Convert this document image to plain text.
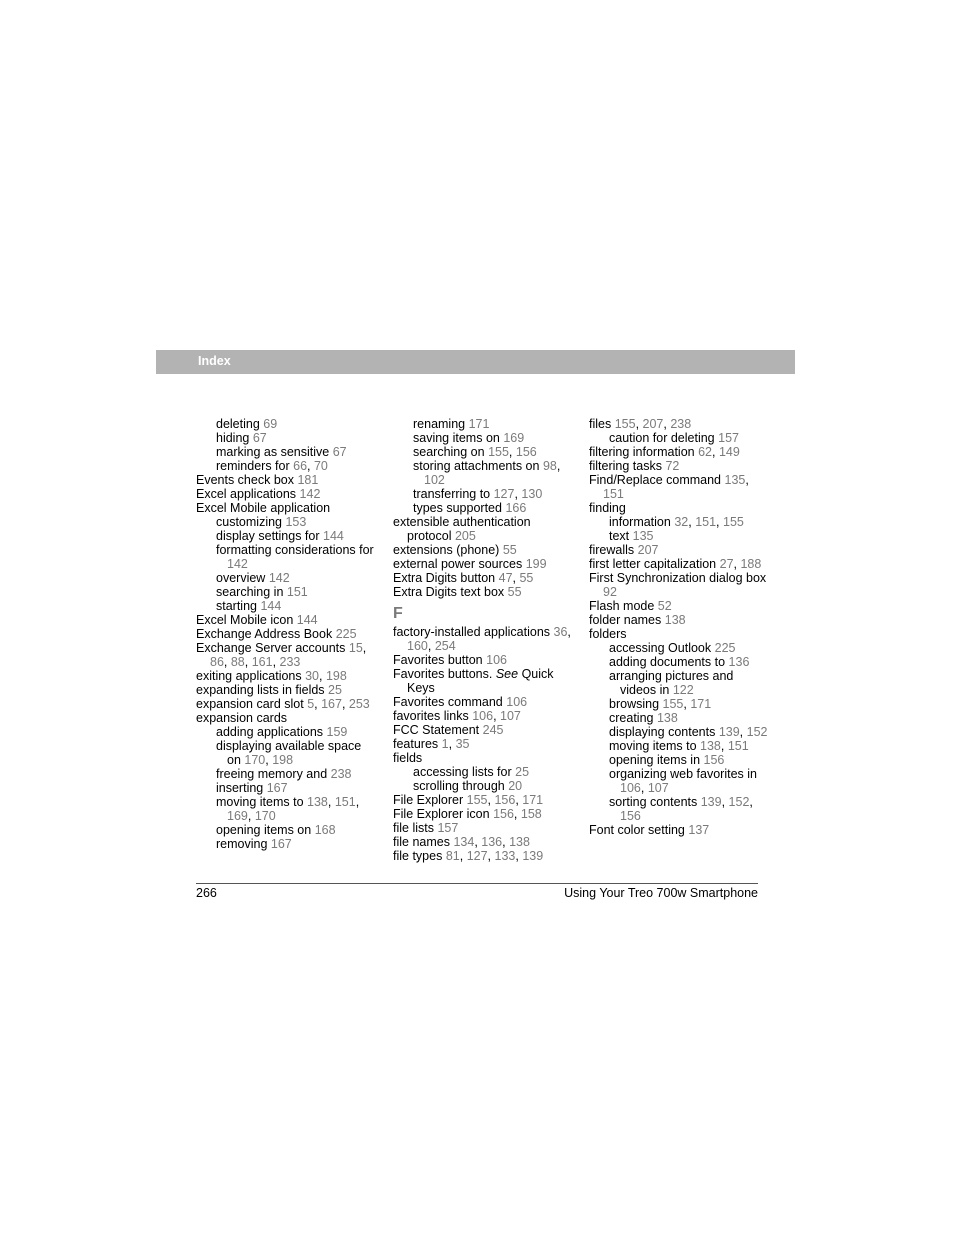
Index
deleting 69
hiding 67
marking as sensitive 67
reminders for 66, 70
Events check box 181
Excel applications 142
Excel Mobile application
customizing 153
display settings for 144
formatting considerations for 142
overview 142
searching in 151
starting 144
Excel Mobile icon 144
Exchange Address Book 225
Exchange Server accounts 15, 86, 88, 161, 233
exiting applications 30, 198
expanding lists in fields 25
expansion card slot 5, 167, 253
expansion cards
adding applications 159
displaying available space on 170, 198
freeing memory and 238
inserting 167
moving items to 138, 151, 169, 170
opening items on 168
removing 167
renaming 171
saving items on 169
searching on 155, 156
storing attachments on 98, 102
transferring to 127, 130
types supported 166
extensible authentication protocol 205
extensions (phone) 55
external power sources 199
Extra Digits button 47, 55
Extra Digits text box 55
F
factory-installed applications 36, 160, 254
Favorites button 106
Favorites buttons. See Quick Keys
Favorites command 106
favorites links 106, 107
FCC Statement 245
features 1, 35
fields
accessing lists for 25
scrolling through 20
File Explorer 155, 156, 171
File Explorer icon 156, 158
file lists 157
file names 134, 136, 138
file types 81, 127, 133, 139
files 155, 207, 238
caution for deleting 157
filtering information 62, 149
filtering tasks 72
Find/Replace command 135, 151
finding
information 32, 151, 155
text 135
firewalls 207
first letter capitalization 27, 188
First Synchronization dialog box 92
Flash mode 52
folder names 138
folders
accessing Outlook 225
adding documents to 136
arranging pictures and videos in 122
browsing 155, 171
creating 138
displaying contents 139, 152
moving items to 138, 151
opening items in 156
organizing web favorites in 106, 107
sorting contents 139, 152, 156
Font color setting 137
266	Using Your Treo 700w Smartphone
